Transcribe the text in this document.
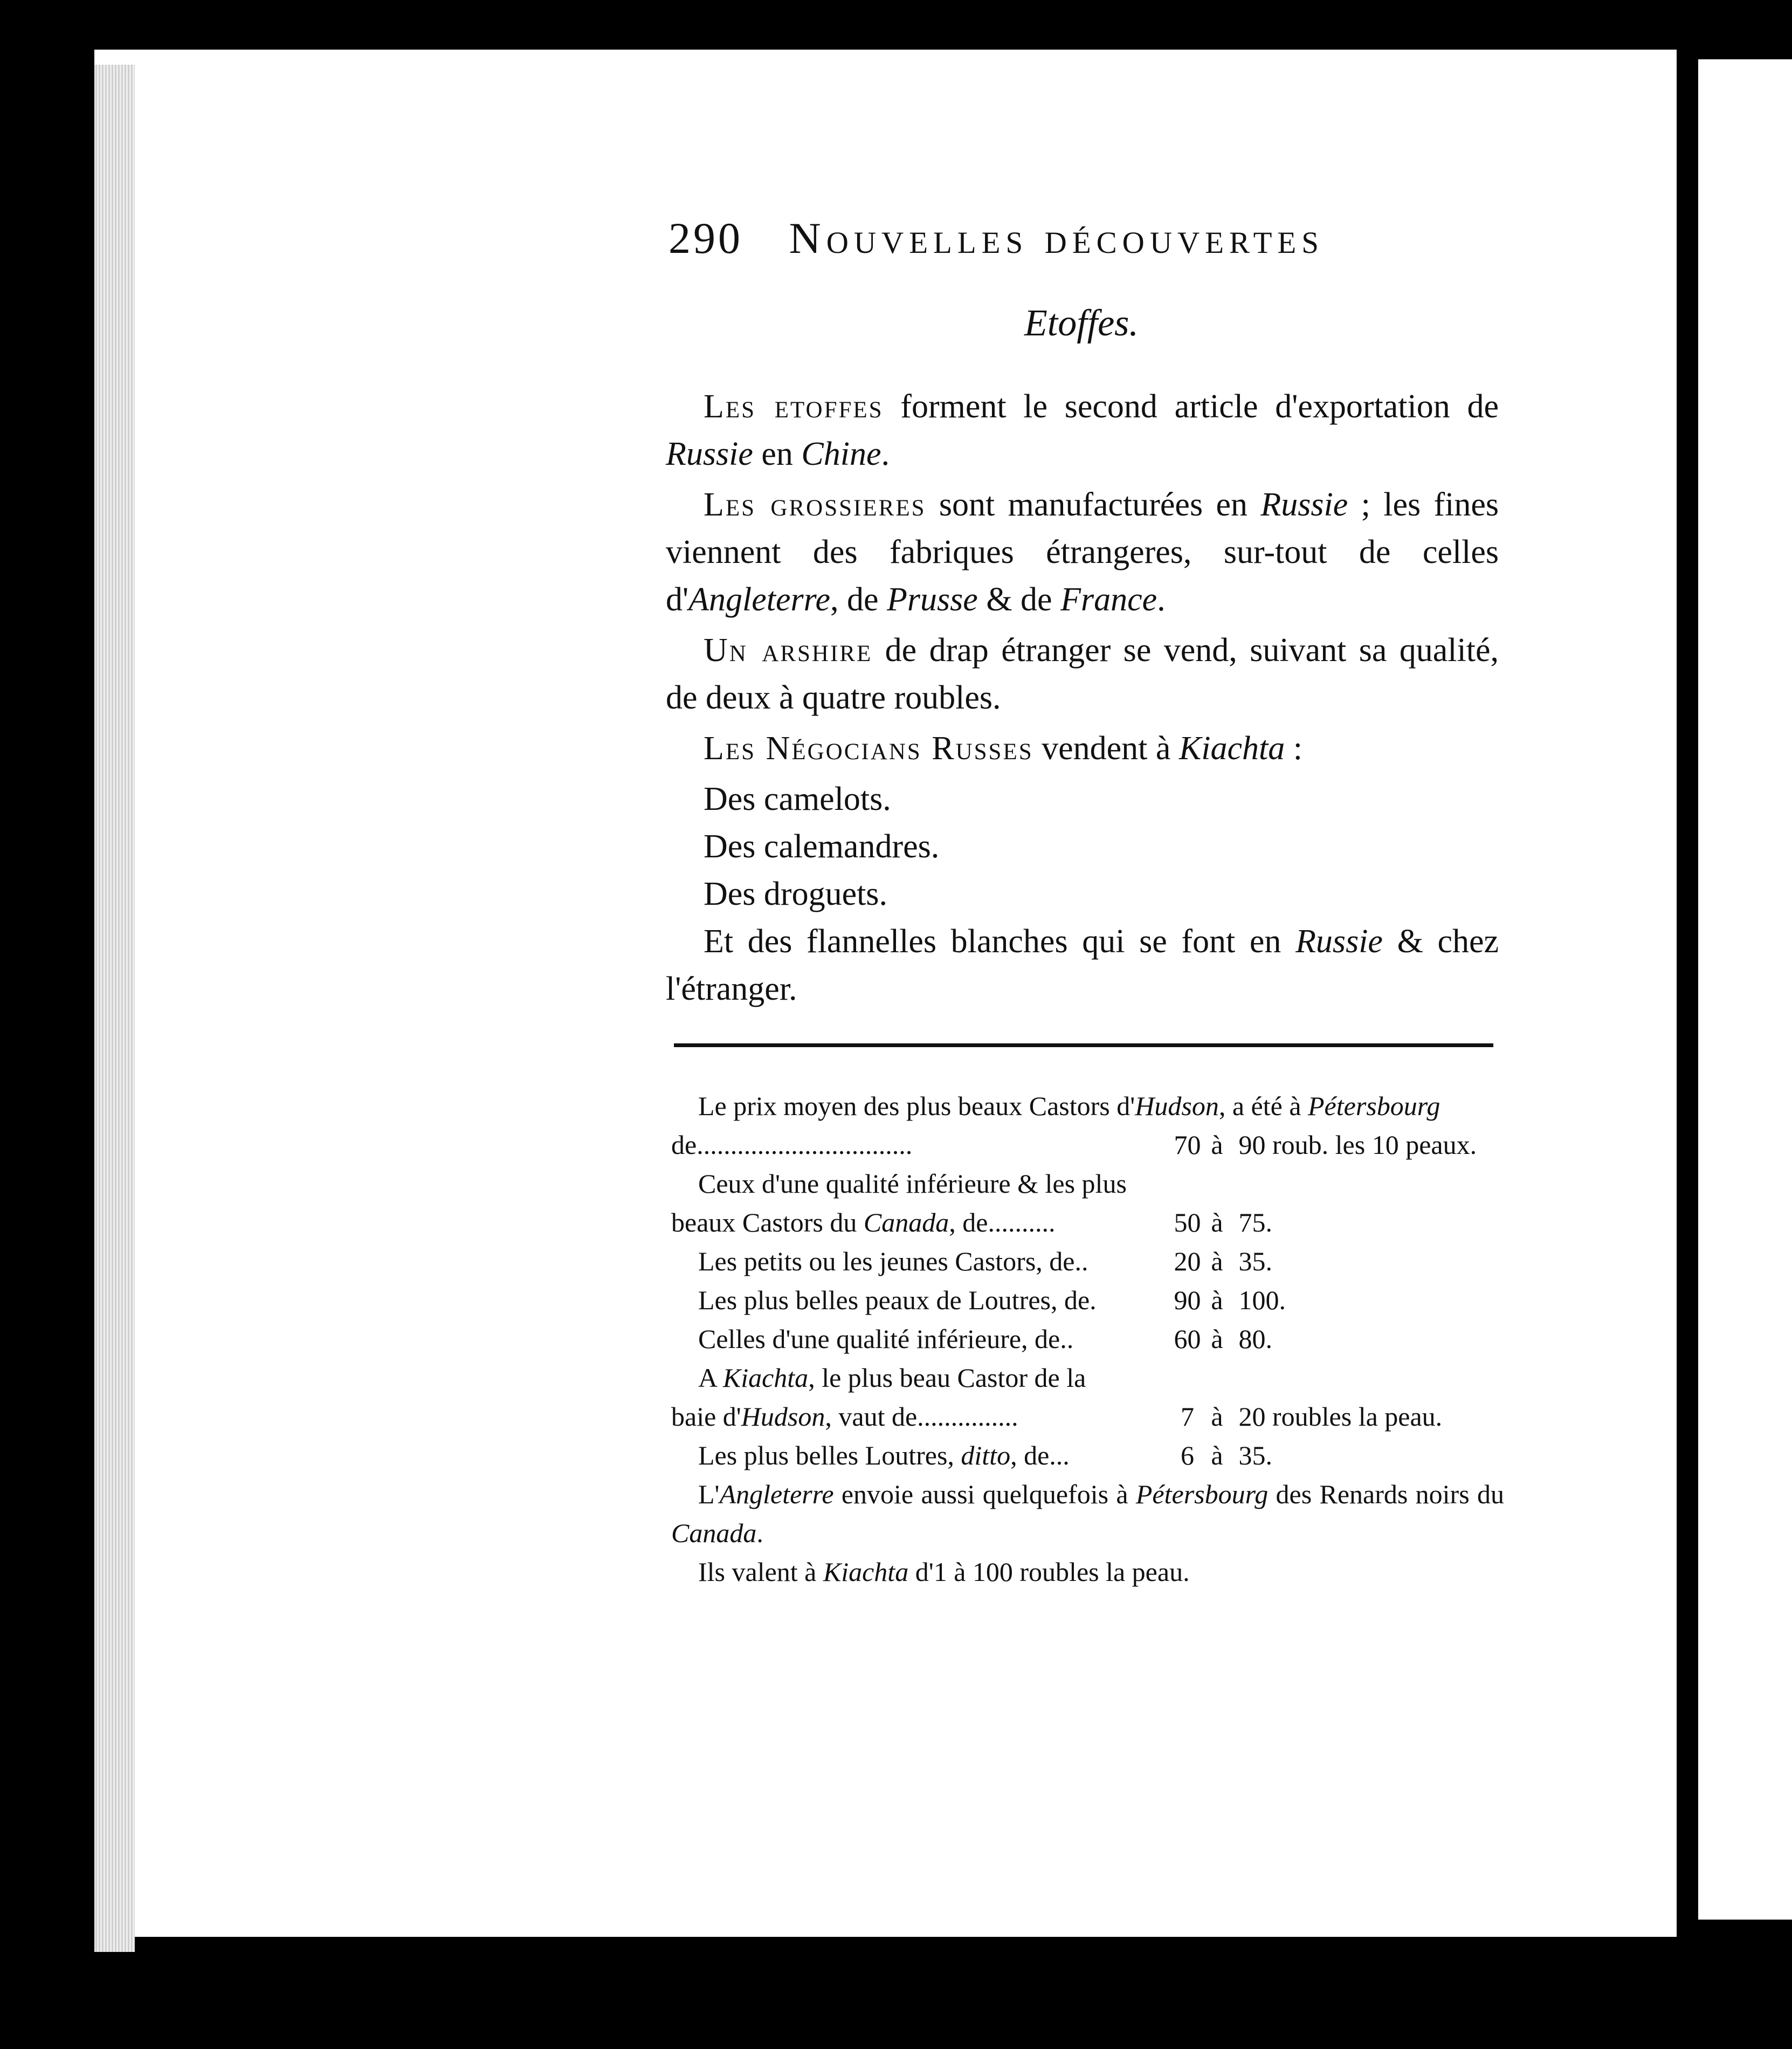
290 Nouvelles découvertes
Etoffes.

Les etoffes forment le second article d'exportation de Russie en Chine.

Les grossieres sont manufacturées en Russie ; les fines viennent des fabriques étrangeres, sur-tout de celles d'Angleterre, de Prusse & de France.

Un arshire de drap étranger se vend, suivant sa qualité, de deux à quatre roubles.

Les Négocians Russes vendent à Kiachta :

Des camelots.
Des calemandres.
Des droguets.

Et des flannelles blanches qui se font en Russie & chez l'étranger.

Le prix moyen des plus beaux Castors d'Hudson, a été à Pétersbourg
de................................	70 à 90 roub. les 10 peaux.
Ceux d'une qualité inférieure & les plus
beaux Castors du Canada, de..........	50 à 75.
Les petits ou les jeunes Castors, de..	20 à 35.
Les plus belles peaux de Loutres, de.	90 à 100.
Celles d'une qualité inférieure, de..	60 à 80.
A Kiachta, le plus beau Castor de la
baie d'Hudson, vaut de...............	7 à 20 roubles la peau.
Les plus belles Loutres, ditto, de...	6 à 35.
L'Angleterre envoie aussi quelquefois à Pétersbourg des Renards noirs du Canada.
Ils valent à Kiachta d'1 à 100 roubles la peau.
